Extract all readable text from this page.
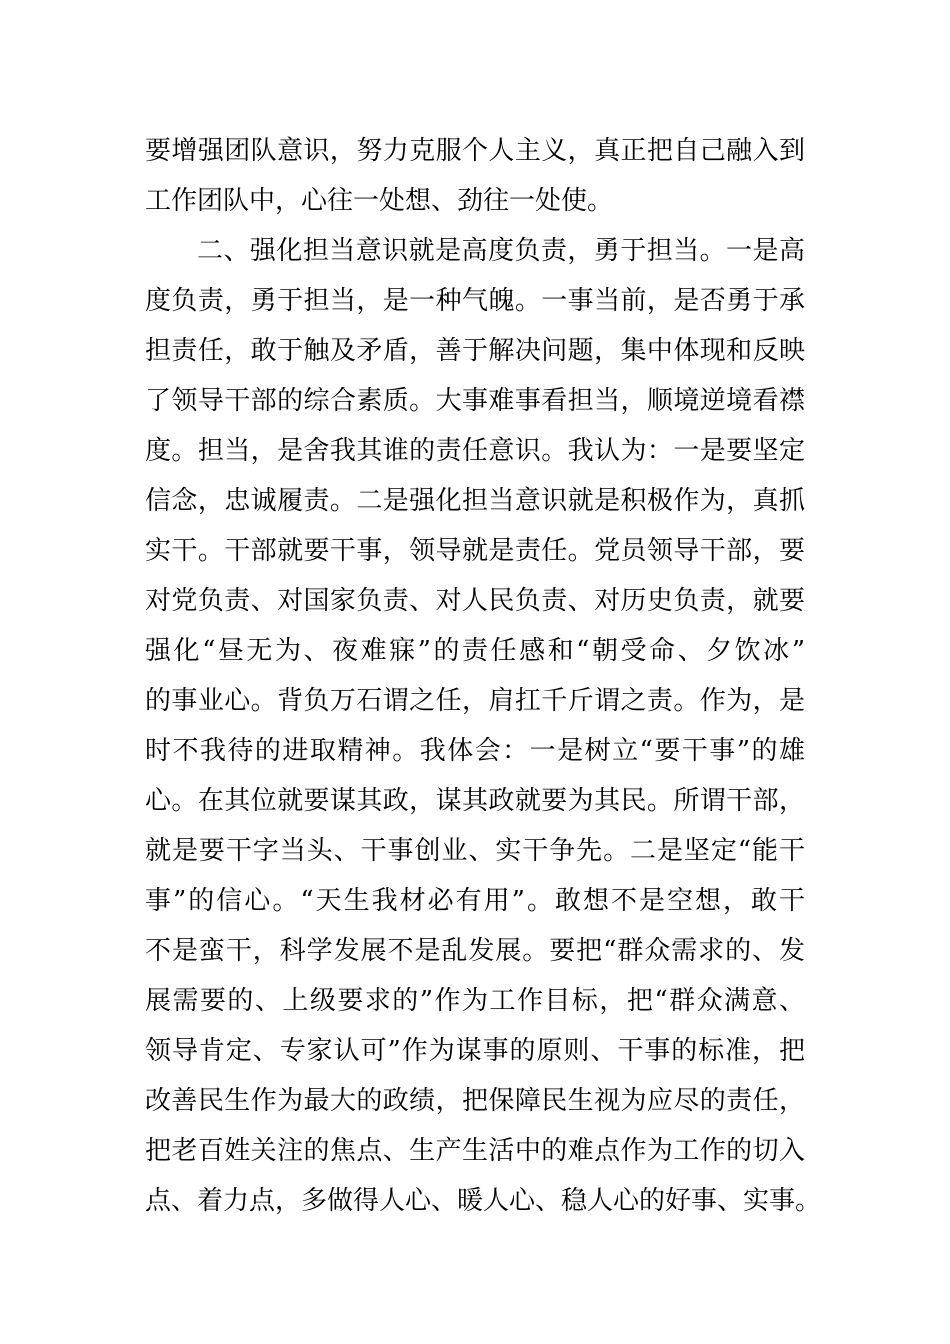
要增强团队意识，努力克服个人主义，真正把自己融入到
工作团队中，心往一处想、劲往一处使。
二、强化担当意识就是高度负责，勇于担当。一是高
度负责，勇于担当，是一种气魄。一事当前，是否勇于承
担责任，敢于触及矛盾，善于解决问题，集中体现和反映
了领导干部的综合素质。大事难事看担当，顺境逆境看襟
度。担当，是舍我其谁的责任意识。我认为：一是要坚定
信念，忠诚履责。二是强化担当意识就是积极作为，真抓
实干。干部就要干事，领导就是责任。党员领导干部，要
对党负责、对国家负责、对人民负责、对历史负责，就要
强化“昼无为、夜难寐”的责任感和“朝受命、夕饮冰”
的事业心。背负万石谓之任，肩扛千斤谓之责。作为，是
时不我待的进取精神。我体会：一是树立“要干事”的雄
心。在其位就要谋其政，谋其政就要为其民。所谓干部，
就是要干字当头、干事创业、实干争先。二是坚定“能干
事”的信心。“天生我材必有用”。敢想不是空想，敢干
不是蛮干，科学发展不是乱发展。要把“群众需求的、发
展需要的、上级要求的”作为工作目标，把“群众满意、
领导肯定、专家认可”作为谋事的原则、干事的标准，把
改善民生作为最大的政绩，把保障民生视为应尽的责任，
把老百姓关注的焦点、生产生活中的难点作为工作的切入
点、着力点，多做得人心、暖人心、稳人心的好事、实事。
